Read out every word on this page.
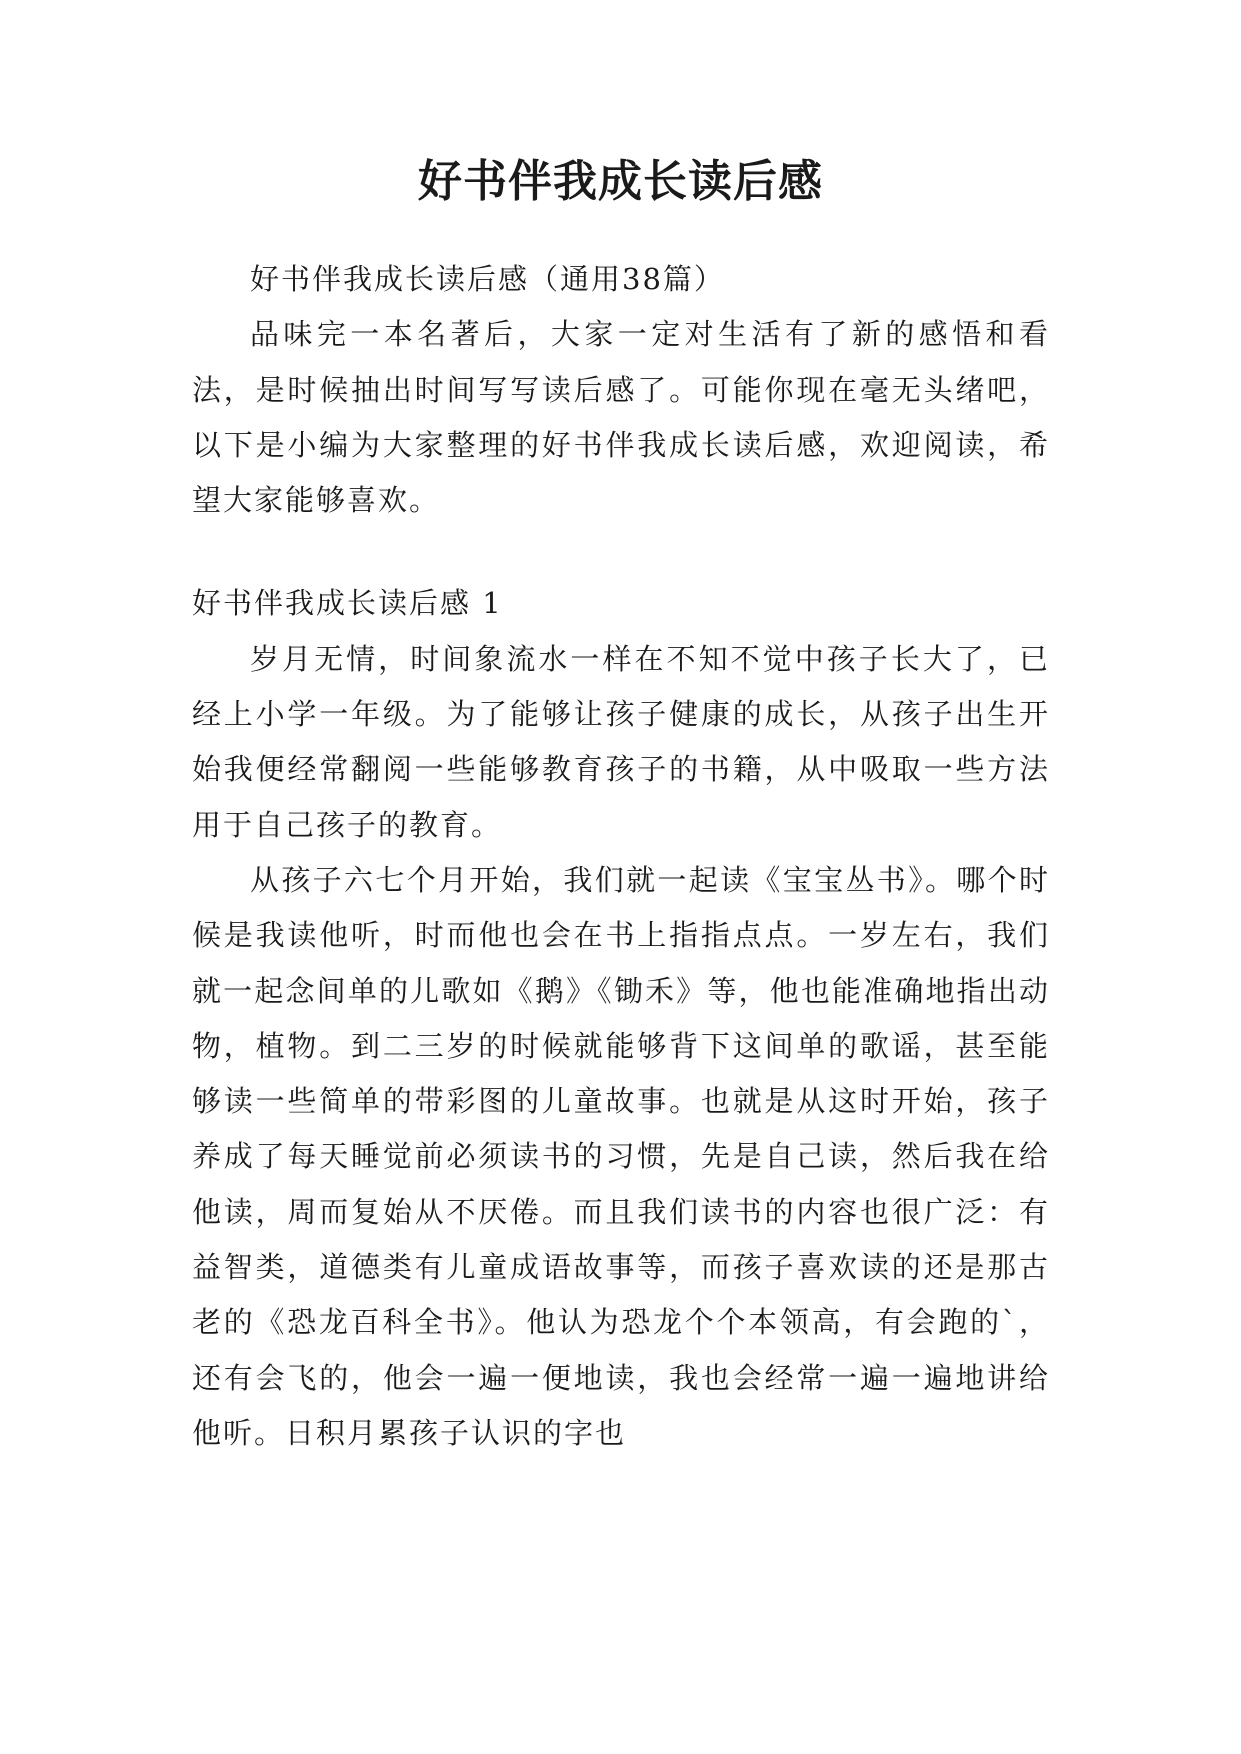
好书伴我成长读后感

好书伴我成长读后感（通用38篇）

品味完一本名著后，大家一定对生活有了新的感悟和看法，是时候抽出时间写写读后感了。可能你现在毫无头绪吧，以下是小编为大家整理的好书伴我成长读后感，欢迎阅读，希望大家能够喜欢。

好书伴我成长读后感 1

岁月无情，时间象流水一样在不知不觉中孩子长大了，已经上小学一年级。为了能够让孩子健康的成长，从孩子出生开始我便经常翻阅一些能够教育孩子的书籍，从中吸取一些方法用于自己孩子的教育。

从孩子六七个月开始，我们就一起读《宝宝丛书》。哪个时候是我读他听，时而他也会在书上指指点点。一岁左右，我们就一起念间单的儿歌如《鹅》《锄禾》等，他也能准确地指出动物，植物。到二三岁的时候就能够背下这间单的歌谣，甚至能够读一些简单的带彩图的儿童故事。也就是从这时开始，孩子养成了每天睡觉前必须读书的习惯，先是自己读，然后我在给他读，周而复始从不厌倦。而且我们读书的内容也很广泛：有益智类，道德类有儿童成语故事等，而孩子喜欢读的还是那古老的《恐龙百科全书》。他认为恐龙个个本领高，有会跑的`，还有会飞的，他会一遍一便地读，我也会经常一遍一遍地讲给他听。日积月累孩子认识的字也
